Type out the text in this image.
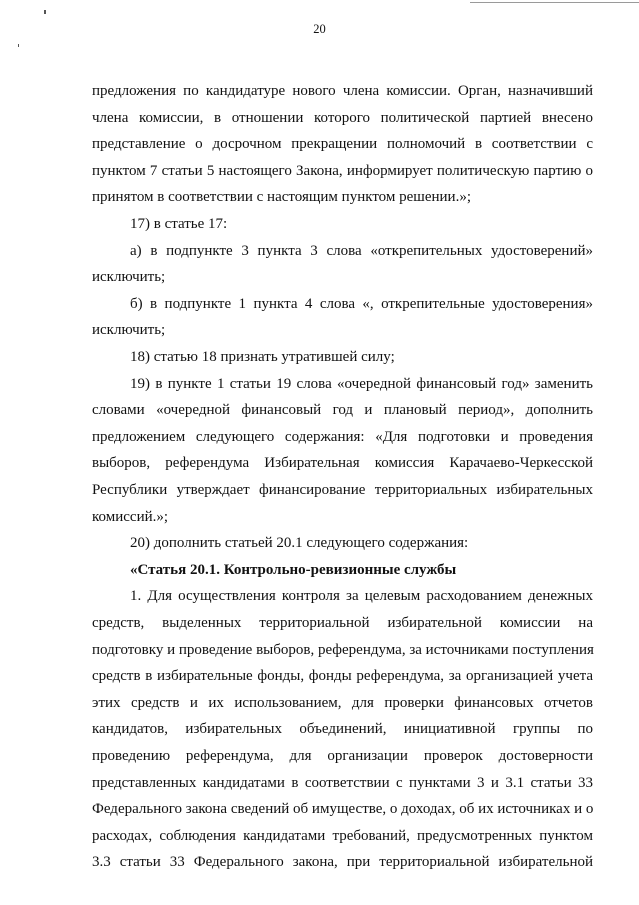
20
предложения по кандидатуре нового члена комиссии. Орган, назначивший
члена комиссии, в отношении которого политической партией внесено
представление о досрочном прекращении полномочий в соответствии с
пунктом 7 статьи 5 настоящего Закона, информирует политическую партию о
принятом в соответствии с настоящим пунктом решении.»;
17) в статье 17:
а) в подпункте 3 пункта 3 слова «открепительных удостоверений»
исключить;
б) в подпункте 1 пункта 4 слова «, открепительные удостоверения»
исключить;
18) статью 18 признать утратившей силу;
19) в пункте 1 статьи 19 слова «очередной финансовый год» заменить
словами «очередной финансовый год и плановый период», дополнить
предложением следующего содержания: «Для подготовки и проведения
выборов, референдума Избирательная комиссия Карачаево-Черкесской
Республики утверждает финансирование территориальных избирательных
комиссий.»;
20) дополнить статьей 20.1 следующего содержания:
«Статья 20.1. Контрольно-ревизионные службы
1. Для осуществления контроля за целевым расходованием денежных
средств, выделенных территориальной избирательной комиссии на
подготовку и проведение выборов, референдума, за источниками поступления
средств в избирательные фонды, фонды референдума, за организацией учета
этих средств и их использованием, для проверки финансовых отчетов
кандидатов, избирательных объединений, инициативной группы по
проведению референдума, для организации проверок достоверности
представленных кандидатами в соответствии с пунктами 3 и 3.1 статьи 33
Федерального закона сведений об имуществе, о доходах, об их источниках и о
расходах, соблюдения кандидатами требований, предусмотренных пунктом
3.3 статьи 33 Федерального закона, при территориальной избирательной
